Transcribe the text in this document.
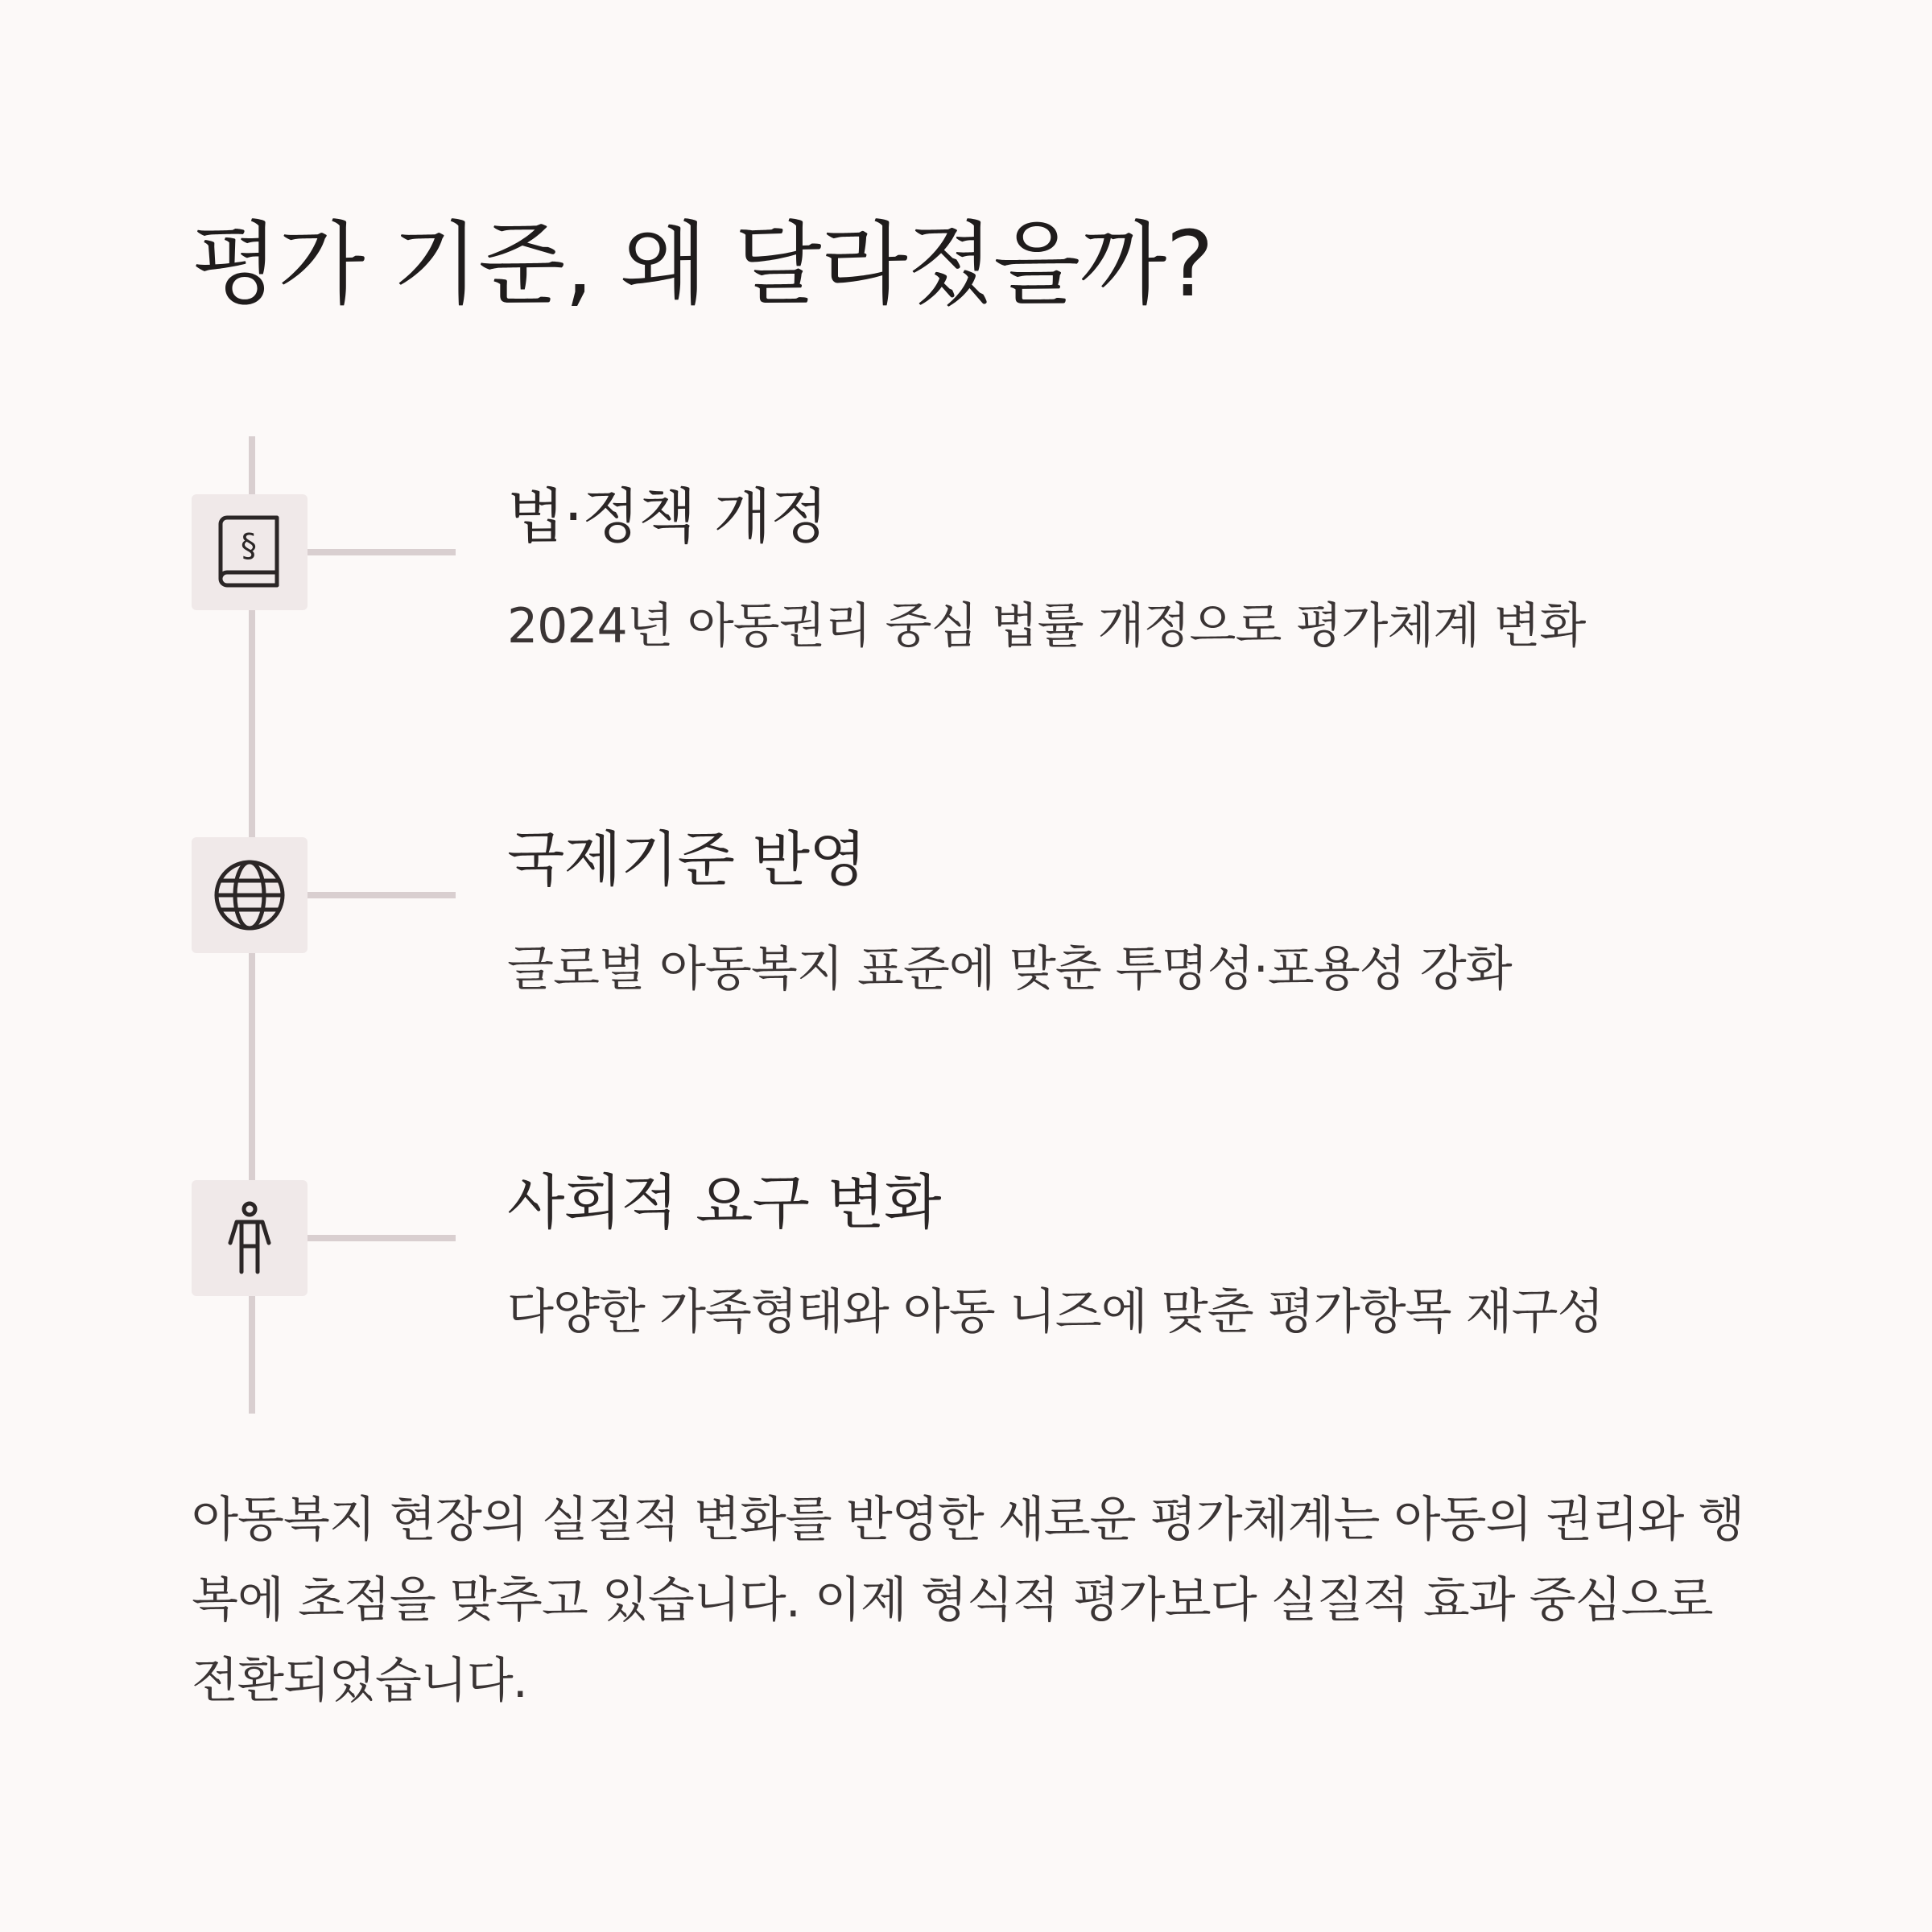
평가 기준, 왜 달라졌을까?
§	법·정책 개정
2024년 아동권리 중심 법률 개정으로 평가체계 변화
국제기준 반영
글로벌 아동복지 표준에 맞춘 투명성·포용성 강화
사회적 요구 변화
다양한 가족형태와 아동 니즈에 맞춘 평가항목 재구성

아동복지 현장의 실질적 변화를 반영한 새로운 평가체계는 아동의 권리와 행복에 초점을 맞추고 있습니다. 이제 형식적 평가보다 실질적 효과 중심으로 전환되었습니다.
